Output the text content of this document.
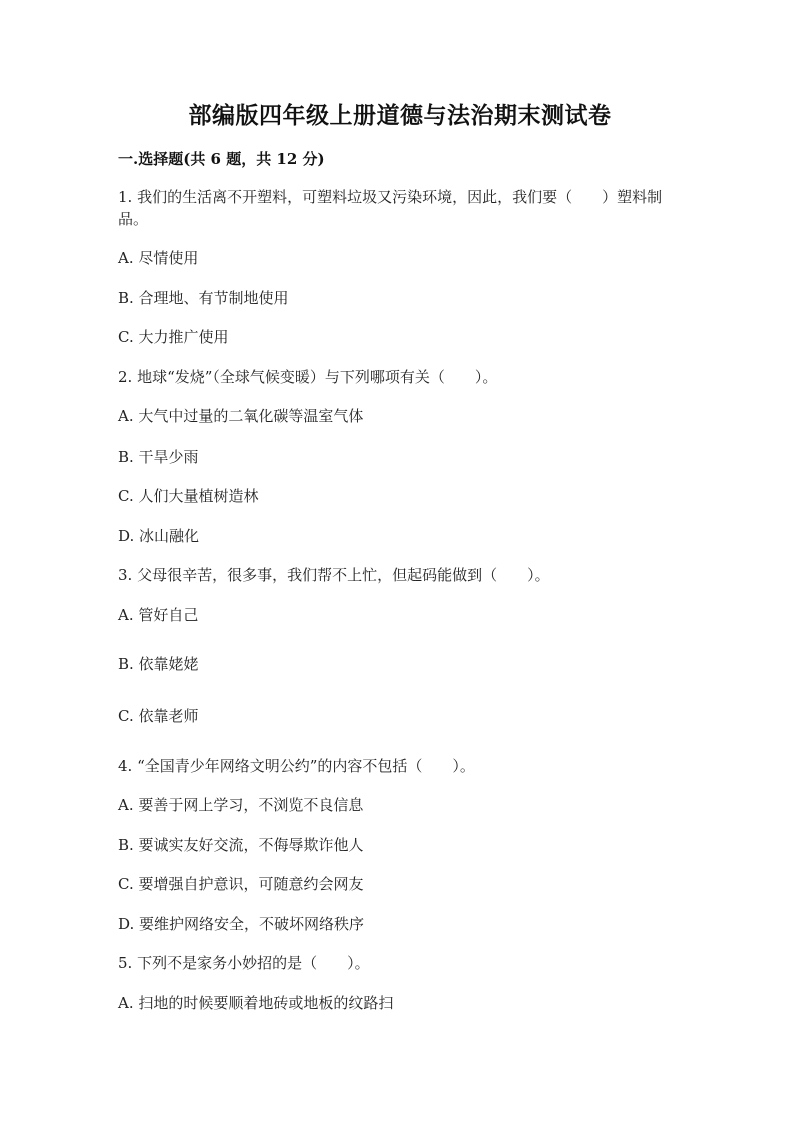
部编版四年级上册道德与法治期末测试卷
一.选择题(共 6 题，共 12 分)
1. 我们的生活离不开塑料，可塑料垃圾又污染环境，因此，我们要（　　）塑料制品。
A. 尽情使用
B. 合理地、有节制地使用
C. 大力推广使用
2. 地球“发烧”（全球气候变暖）与下列哪项有关（　　）。
A. 大气中过量的二氧化碳等温室气体
B. 干旱少雨
C. 人们大量植树造林
D. 冰山融化
3. 父母很辛苦，很多事，我们帮不上忙，但起码能做到（　　）。
A. 管好自己
B. 依靠姥姥
C. 依靠老师
4. “全国青少年网络文明公约”的内容不包括（　　）。
A. 要善于网上学习，不浏览不良信息
B. 要诚实友好交流，不侮辱欺诈他人
C. 要增强自护意识，可随意约会网友
D. 要维护网络安全，不破坏网络秩序
5. 下列不是家务小妙招的是（　　）。
A. 扫地的时候要顺着地砖或地板的纹路扫
